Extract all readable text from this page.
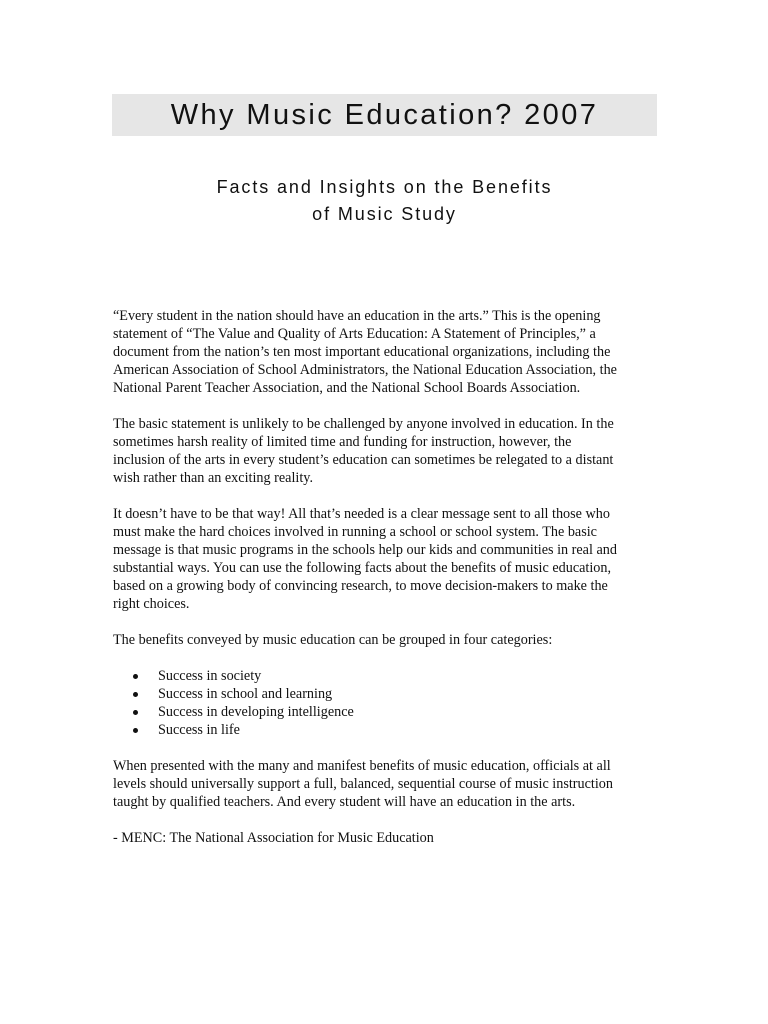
Why Music Education? 2007
Facts and Insights on the Benefits
of Music Study

“Every student in the nation should have an education in the arts.” This is the opening
statement of “The Value and Quality of Arts Education: A Statement of Principles,” a
document from the nation’s ten most important educational organizations, including the
American Association of School Administrators, the National Education Association, the
National Parent Teacher Association, and the National School Boards Association.

The basic statement is unlikely to be challenged by anyone involved in education. In the
sometimes harsh reality of limited time and funding for instruction, however, the
inclusion of the arts in every student’s education can sometimes be relegated to a distant
wish rather than an exciting reality.

It doesn’t have to be that way! All that’s needed is a clear message sent to all those who
must make the hard choices involved in running a school or school system. The basic
message is that music programs in the schools help our kids and communities in real and
substantial ways. You can use the following facts about the benefits of music education,
based on a growing body of convincing research, to move decision-makers to make the
right choices.

The benefits conveyed by music education can be grouped in four categories:

Success in society
Success in school and learning
Success in developing intelligence
Success in life

When presented with the many and manifest benefits of music education, officials at all
levels should universally support a full, balanced, sequential course of music instruction
taught by qualified teachers. And every student will have an education in the arts.

- MENC: The National Association for Music Education
